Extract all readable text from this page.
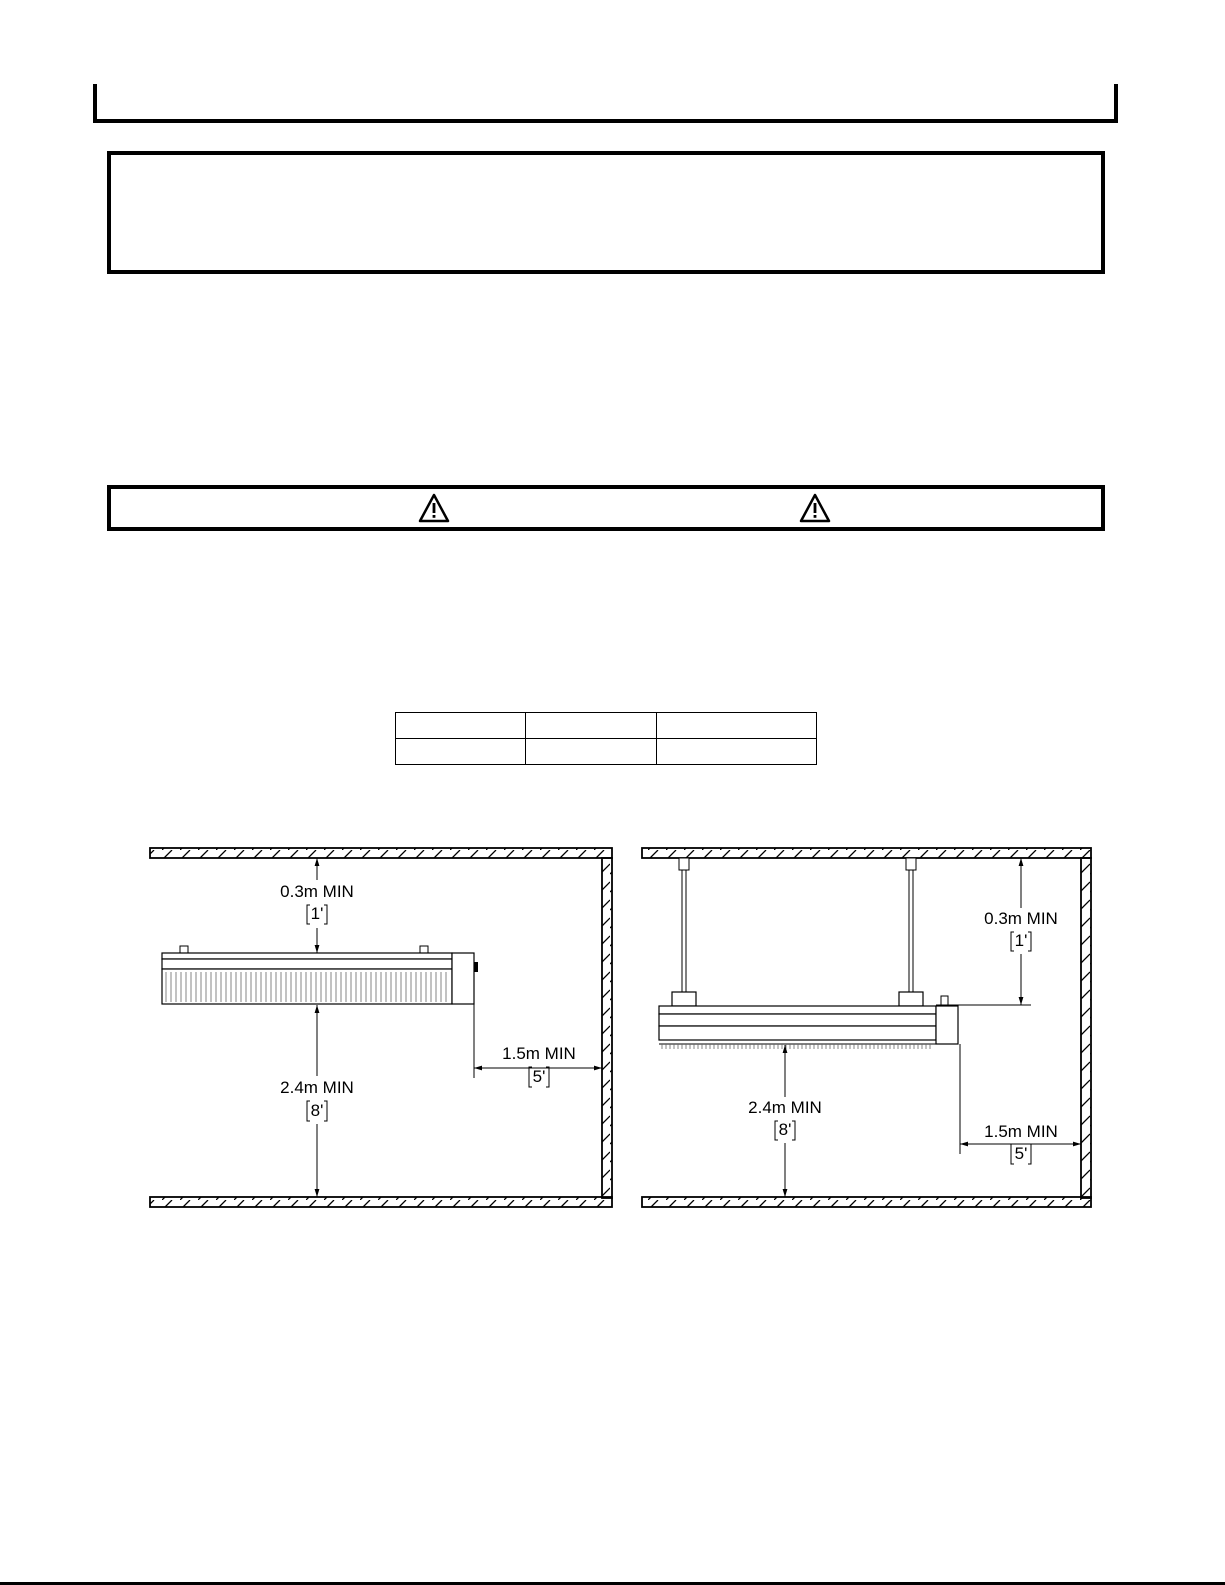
0.3m MIN
1'
2.4m MIN
8'
1.5m MIN
5'
0.3m MIN
1'
2.4m MIN
8'	1.5m MIN
5'
